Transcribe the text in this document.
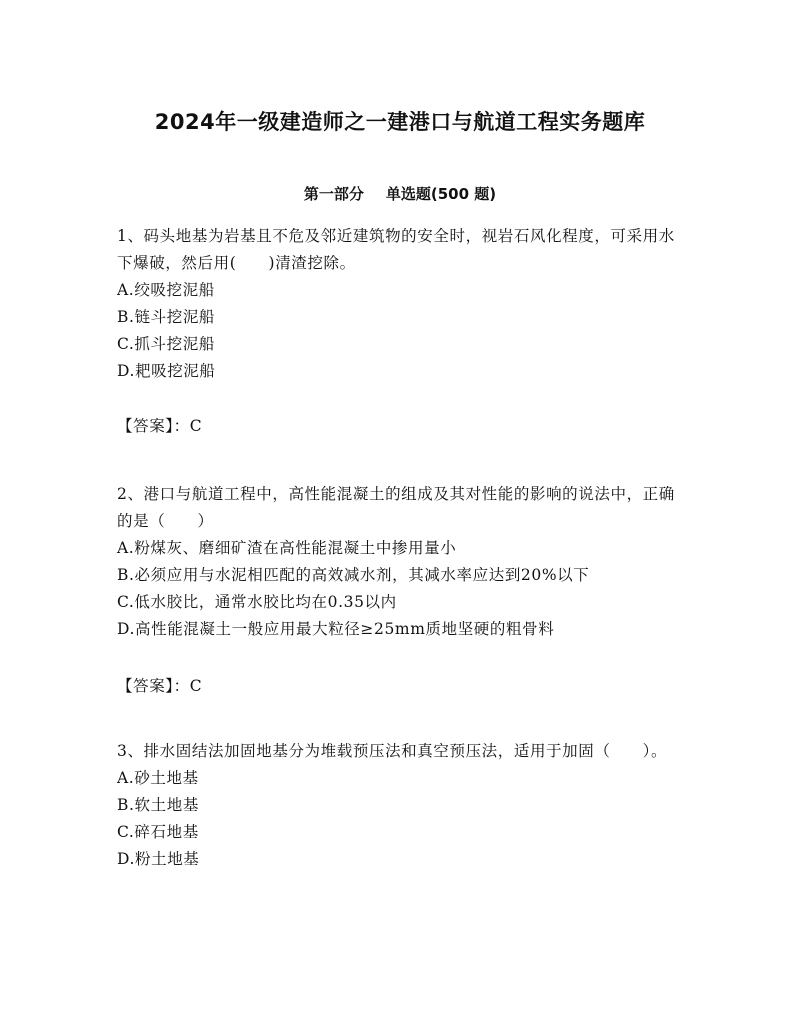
2024年一级建造师之一建港口与航道工程实务题库
第一部分 单选题(500 题)

1、码头地基为岩基且不危及邻近建筑物的安全时，视岩石风化程度，可采用水下爆破，然后用(　　)清渣挖除。

A.绞吸挖泥船
B.链斗挖泥船
C.抓斗挖泥船
D.耙吸挖泥船
【答案】：C

2、港口与航道工程中，高性能混凝土的组成及其对性能的影响的说法中，正确的是（　　）

A.粉煤灰、磨细矿渣在高性能混凝土中掺用量小
B.必须应用与水泥相匹配的高效减水剂，其减水率应达到20%以下
C.低水胶比，通常水胶比均在0.35以内
D.高性能混凝土一般应用最大粒径≥25mm质地坚硬的粗骨料
【答案】：C

3、排水固结法加固地基分为堆载预压法和真空预压法，适用于加固（　　）。

A.砂土地基
B.软土地基
C.碎石地基
D.粉土地基
